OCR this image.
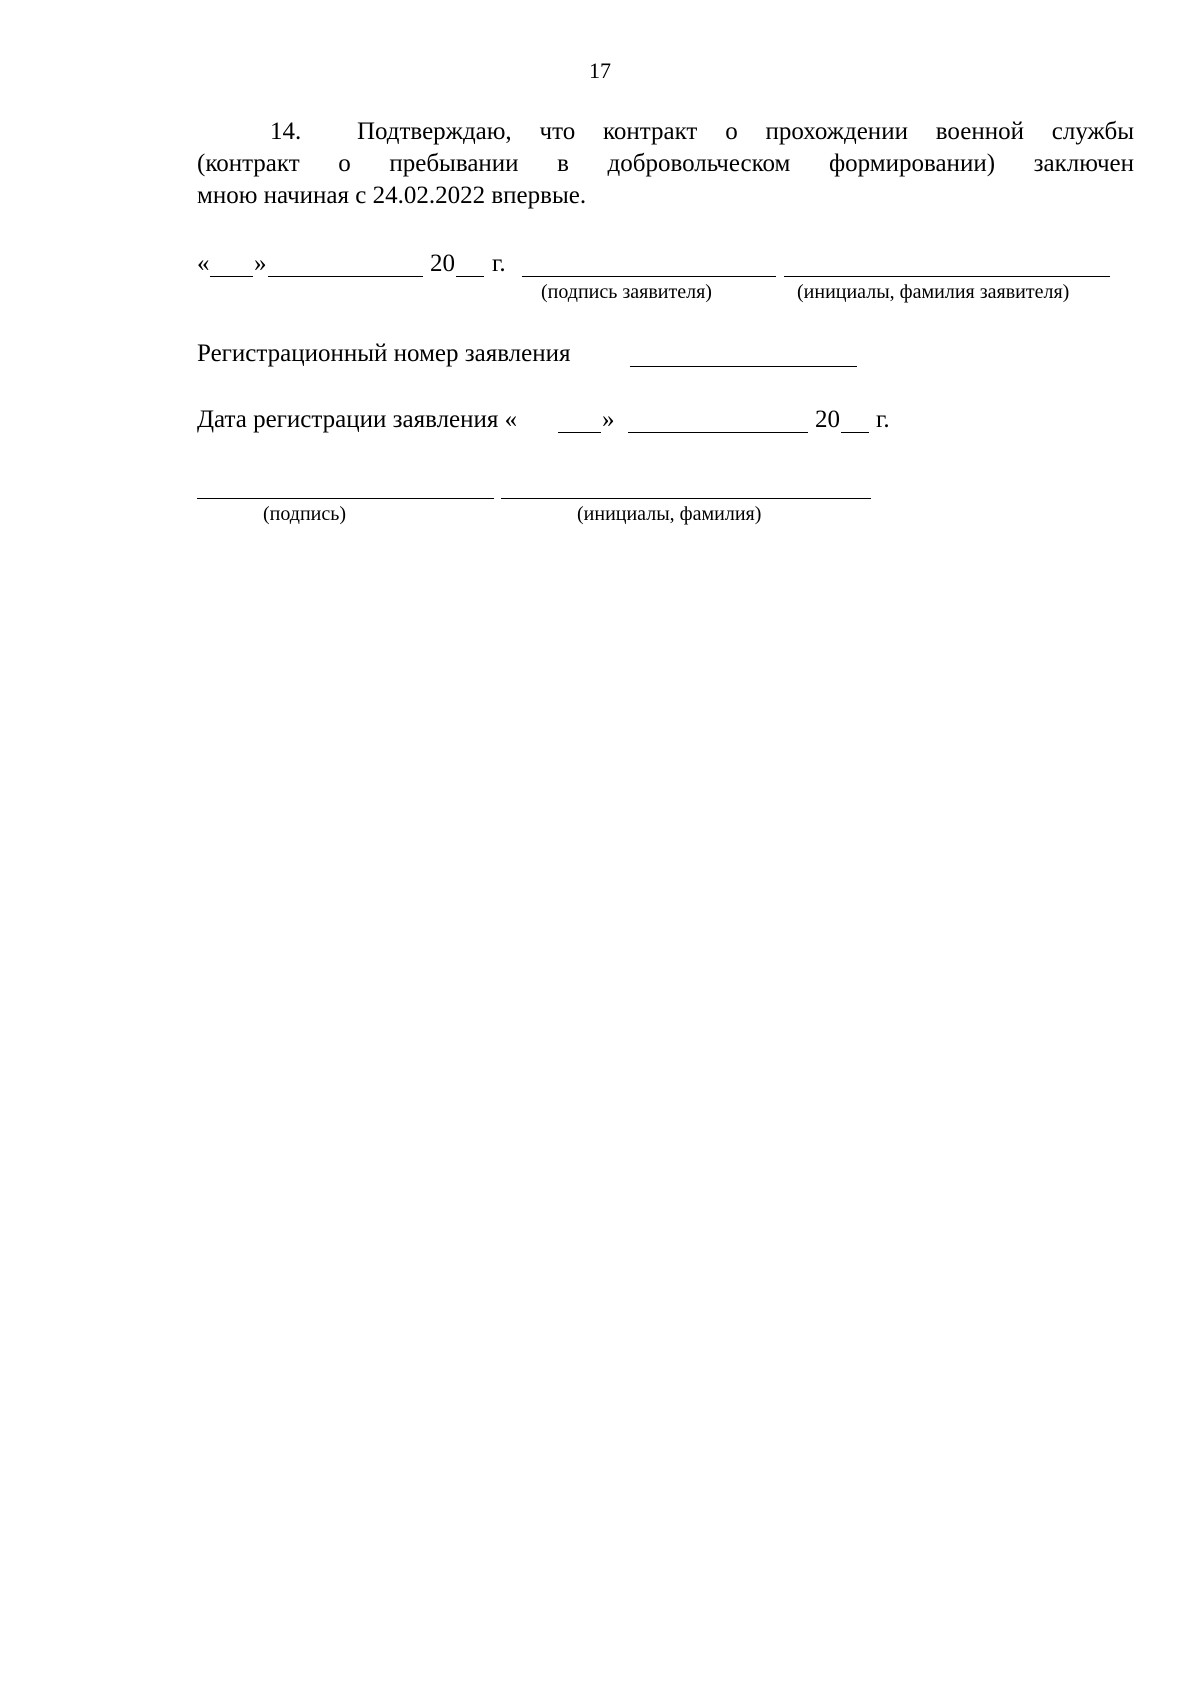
17
14. Подтверждаю, что контракт о прохождении военной службы
(контракт о пребывании в добровольческом формировании) заключен
мною начиная с 24.02.2022 впервые.
« »	20 г.
(подпись заявителя)	(инициалы, фамилия заявителя)
Регистрационный номер заявления
Дата регистрации заявления «	»	20 г.
(подпись)	(инициалы, фамилия)
